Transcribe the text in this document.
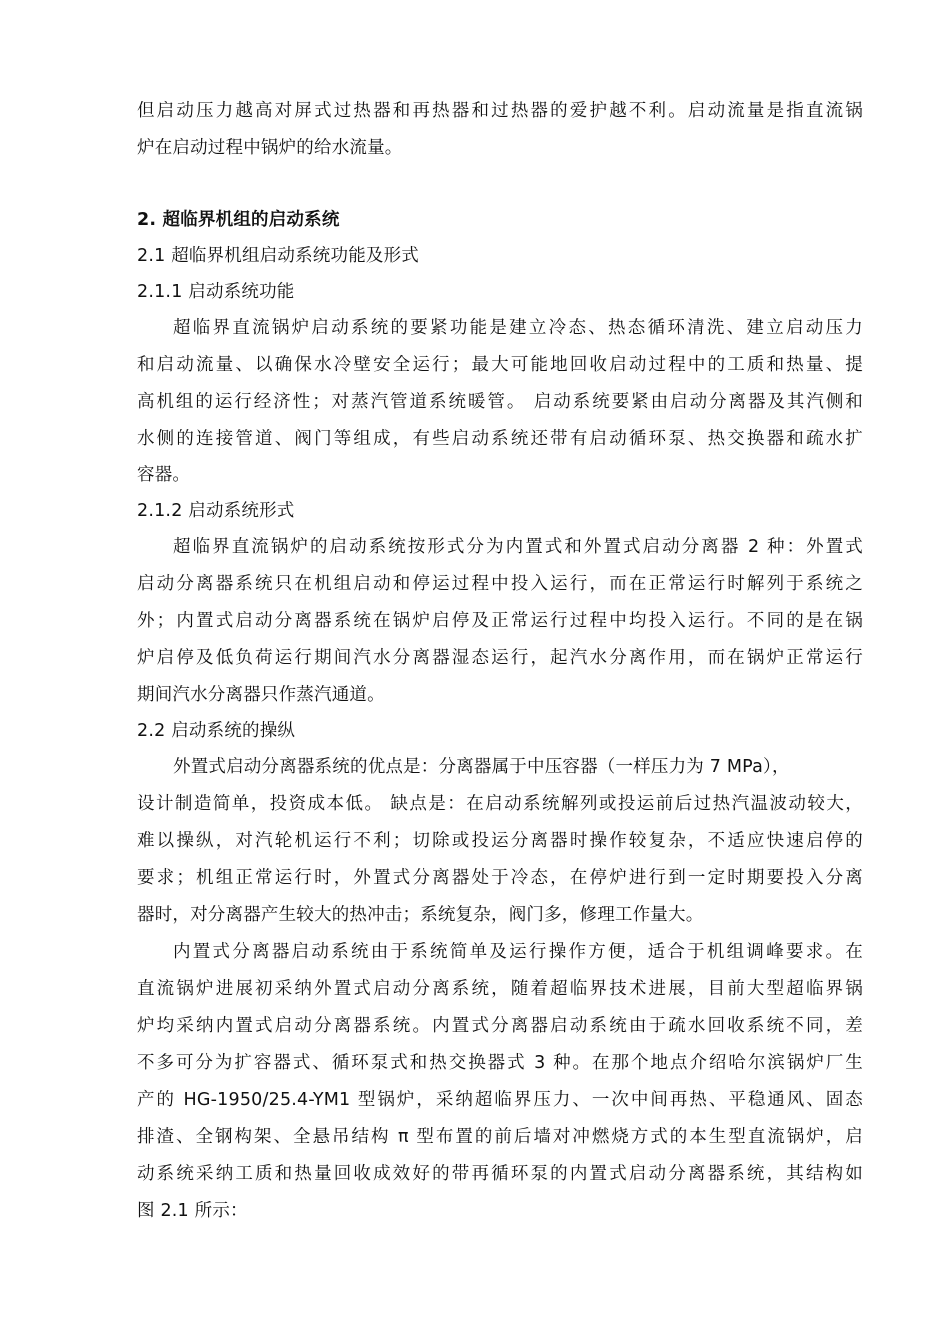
但启动压力越高对屏式过热器和再热器和过热器的爱护越不利。启动流量是指直流锅
炉在启动过程中锅炉的给水流量。
2. 超临界机组的启动系统
2.1 超临界机组启动系统功能及形式
2.1.1 启动系统功能
超临界直流锅炉启动系统的要紧功能是建立冷态、热态循环清洗、建立启动压力
和启动流量、以确保水冷壁安全运行；最大可能地回收启动过程中的工质和热量、提
高机组的运行经济性；对蒸汽管道系统暖管。 启动系统要紧由启动分离器及其汽侧和
水侧的连接管道、阀门等组成，有些启动系统还带有启动循环泵、热交换器和疏水扩
容器。
2.1.2 启动系统形式
超临界直流锅炉的启动系统按形式分为内置式和外置式启动分离器 2 种：外置式
启动分离器系统只在机组启动和停运过程中投入运行，而在正常运行时解列于系统之
外；内置式启动分离器系统在锅炉启停及正常运行过程中均投入运行。不同的是在锅
炉启停及低负荷运行期间汽水分离器湿态运行，起汽水分离作用，而在锅炉正常运行
期间汽水分离器只作蒸汽通道。
2.2 启动系统的操纵
外置式启动分离器系统的优点是：分离器属于中压容器（一样压力为 7 MPa），
设计制造简单，投资成本低。 缺点是：在启动系统解列或投运前后过热汽温波动较大，
难以操纵，对汽轮机运行不利；切除或投运分离器时操作较复杂，不适应快速启停的
要求；机组正常运行时，外置式分离器处于冷态，在停炉进行到一定时期要投入分离
器时，对分离器产生较大的热冲击；系统复杂，阀门多，修理工作量大。
内置式分离器启动系统由于系统简单及运行操作方便，适合于机组调峰要求。在
直流锅炉进展初采纳外置式启动分离系统，随着超临界技术进展，目前大型超临界锅
炉均采纳内置式启动分离器系统。内置式分离器启动系统由于疏水回收系统不同，差
不多可分为扩容器式、循环泵式和热交换器式 3 种。在那个地点介绍哈尔滨锅炉厂生
产的 HG-1950/25.4-YM1 型锅炉，采纳超临界压力、一次中间再热、平稳通风、固态
排渣、全钢构架、全悬吊结构 π 型布置的前后墙对冲燃烧方式的本生型直流锅炉，启
动系统采纳工质和热量回收成效好的带再循环泵的内置式启动分离器系统，其结构如
图 2.1 所示：
